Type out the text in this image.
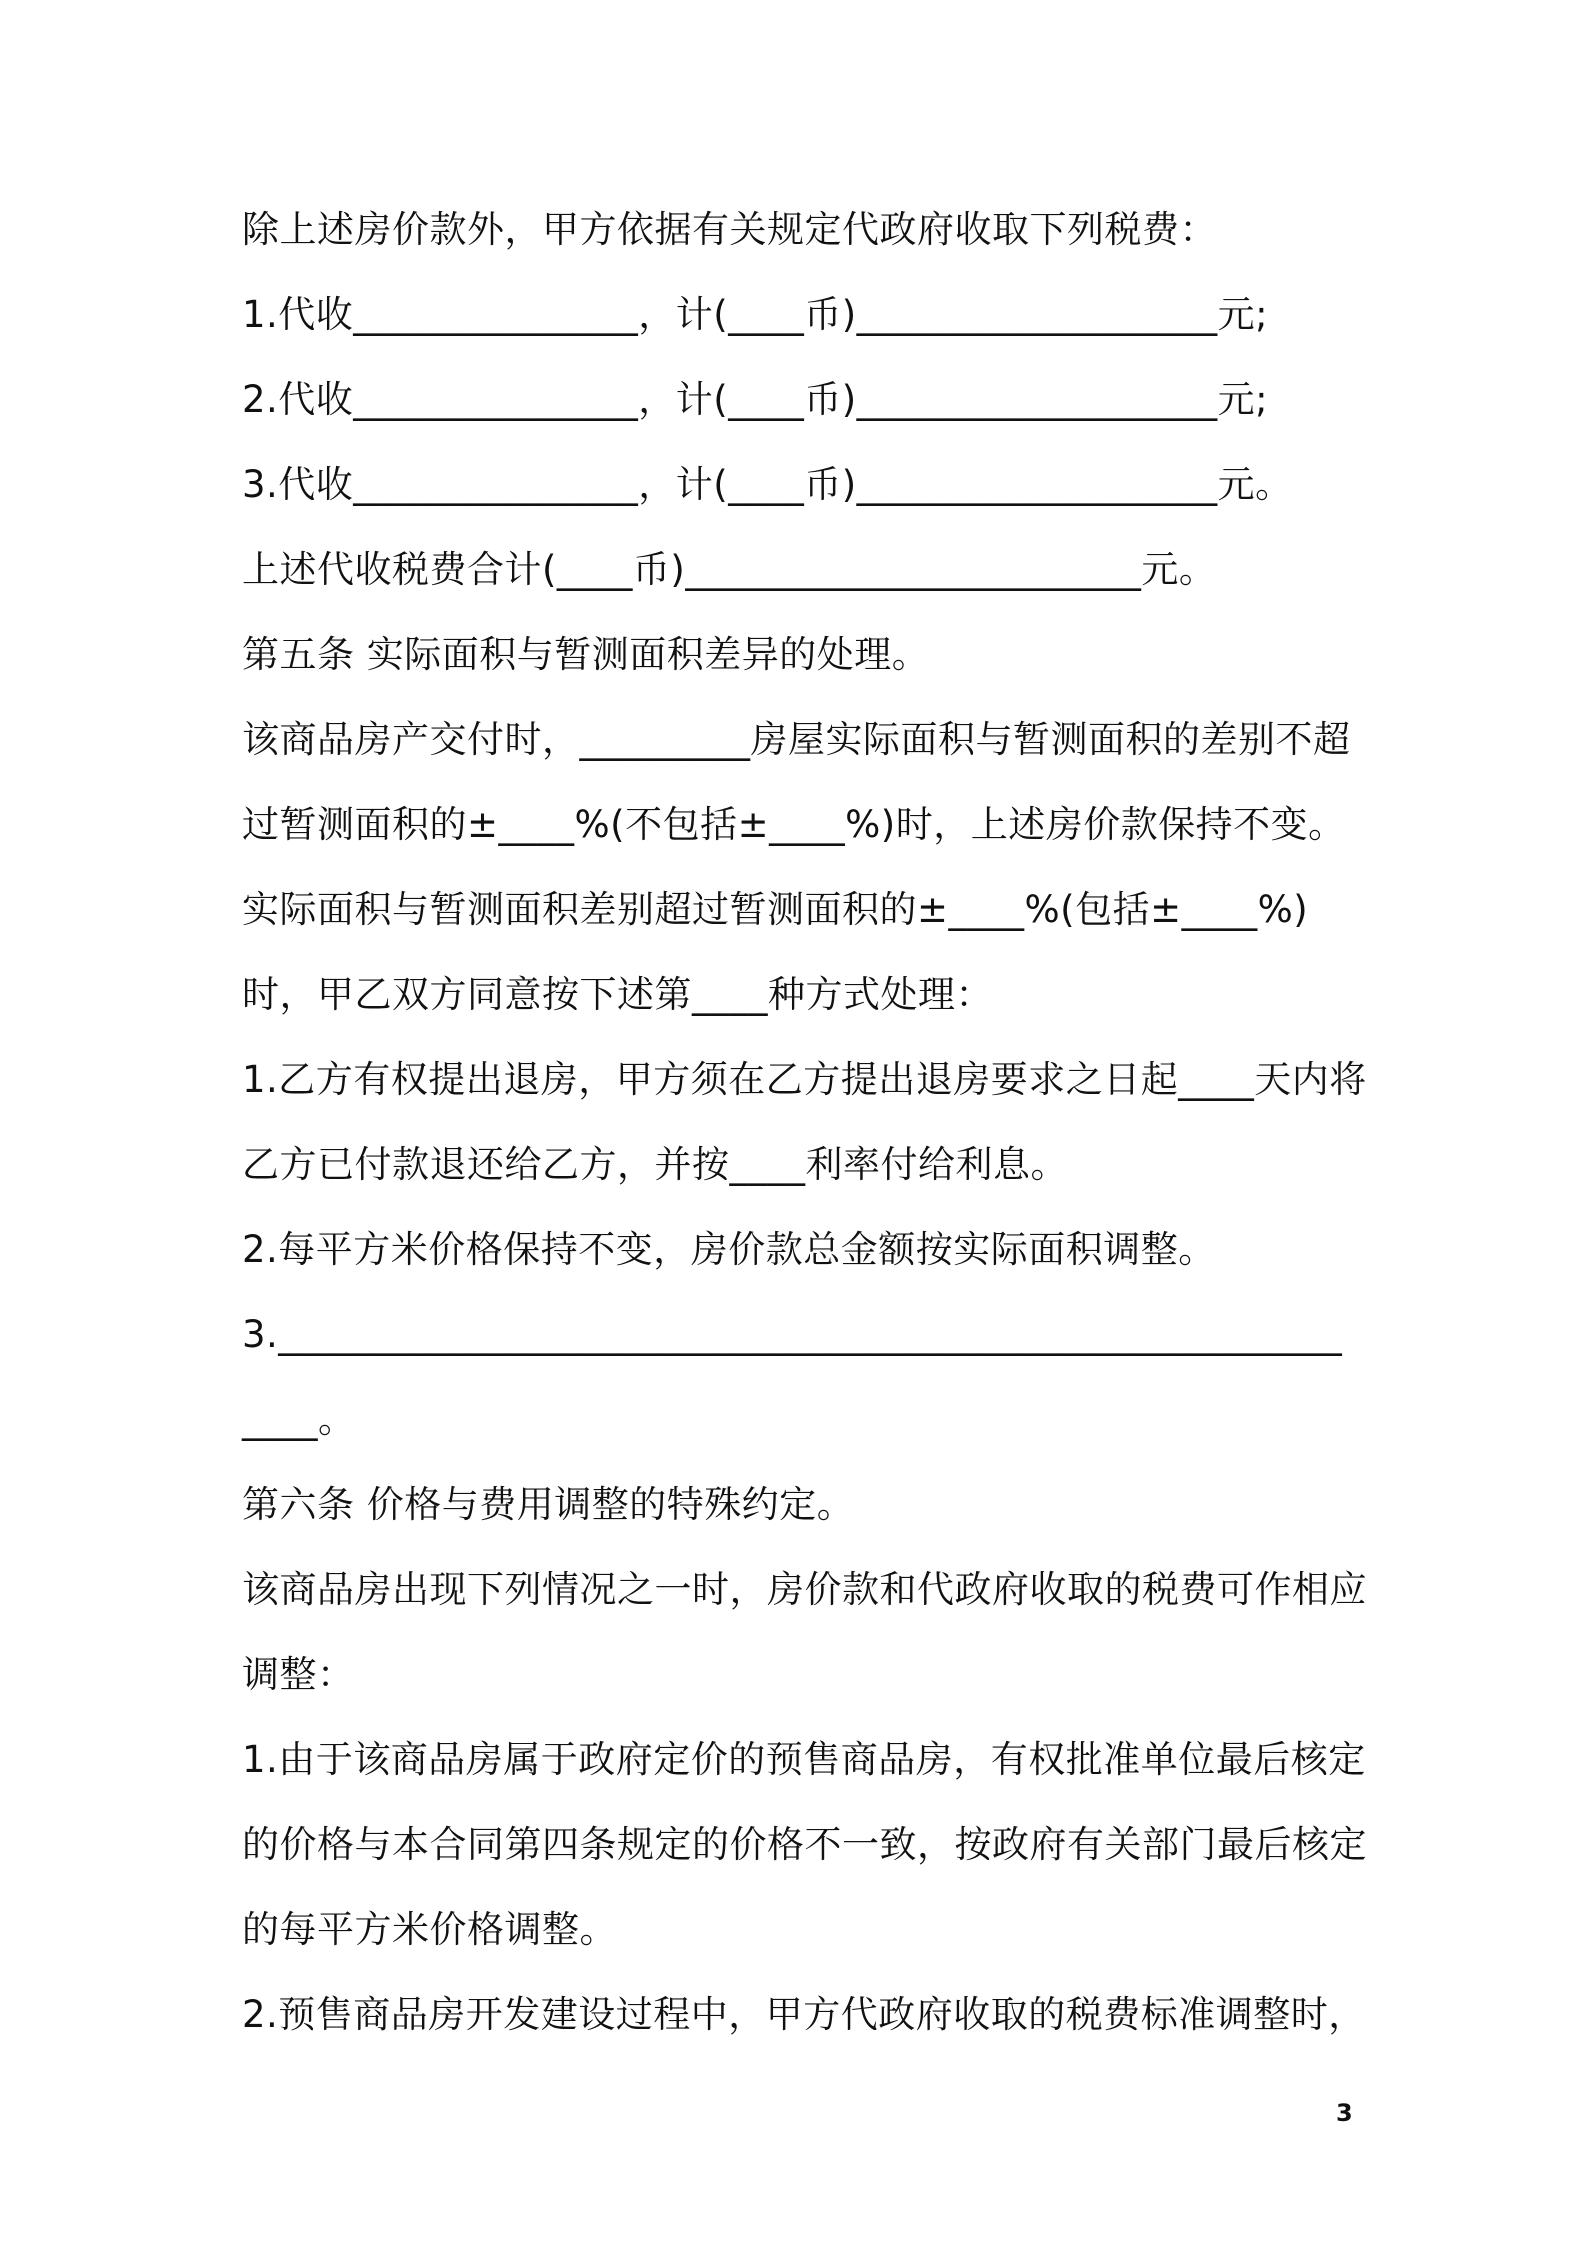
除上述房价款外，甲方依据有关规定代政府收取下列税费：
1.代收_______________，计(____币)___________________元;
2.代收_______________，计(____币)___________________元;
3.代收_______________，计(____币)___________________元。
上述代收税费合计(____币)________________________元。
第五条 实际面积与暂测面积差异的处理。
该商品房产交付时，_________房屋实际面积与暂测面积的差别不超
过暂测面积的±____%(不包括±____%)时，上述房价款保持不变。
实际面积与暂测面积差别超过暂测面积的±____%(包括±____%)
时，甲乙双方同意按下述第____种方式处理：
1.乙方有权提出退房，甲方须在乙方提出退房要求之日起____天内将
乙方已付款退还给乙方，并按____利率付给利息。
2.每平方米价格保持不变，房价款总金额按实际面积调整。
3.________________________________________________________
____。
第六条 价格与费用调整的特殊约定。
该商品房出现下列情况之一时，房价款和代政府收取的税费可作相应
调整：
1.由于该商品房属于政府定价的预售商品房，有权批准单位最后核定
的价格与本合同第四条规定的价格不一致，按政府有关部门最后核定
的每平方米价格调整。
2.预售商品房开发建设过程中，甲方代政府收取的税费标准调整时，
3
